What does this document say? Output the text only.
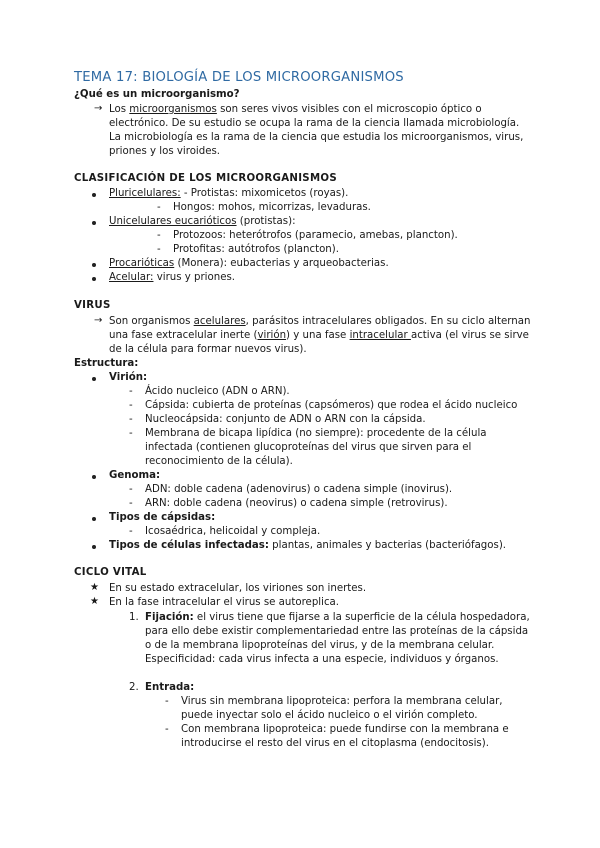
TEMA 17: BIOLOGÍA DE LOS MICROORGANISMOS
¿Qué es un microorganismo?
→ Los microorganismos son seres vivos visibles con el microscopio óptico o
electrónico. De su estudio se ocupa la rama de la ciencia llamada microbiología.
La microbiología es la rama de la ciencia que estudia los microorganismos, virus,
priones y los viroides.
CLASIFICACIÓN DE LOS MICROORGANISMOS
Pluricelulares: - Protistas: mixomicetos (royas).
- Hongos: mohos, micorrizas, levaduras.
Unicelulares eucarióticos (protistas):
- Protozoos: heterótrofos (paramecio, amebas, plancton).
- Protofitas: autótrofos (plancton).
Procarióticas (Monera): eubacterias y arqueobacterias.
Acelular: virus y priones.
VIRUS
→ Son organismos acelulares, parásitos intracelulares obligados. En su ciclo alternan
una fase extracelular inerte (virión) y una fase intracelular activa (el virus se sirve
de la célula para formar nuevos virus).
Estructura:
Virión:
- Ácido nucleico (ADN o ARN).
- Cápsida: cubierta de proteínas (capsómeros) que rodea el ácido nucleico
- Nucleocápsida: conjunto de ADN o ARN con la cápsida.
- Membrana de bicapa lipídica (no siempre): procedente de la célula
infectada (contienen glucoproteínas del virus que sirven para el
reconocimiento de la célula).
Genoma:
- ADN: doble cadena (adenovirus) o cadena simple (inovirus).
- ARN: doble cadena (neovirus) o cadena simple (retrovirus).
Tipos de cápsidas:
- Icosaédrica, helicoidal y compleja.
Tipos de células infectadas: plantas, animales y bacterias (bacteriófagos).
CICLO VITAL
★ En su estado extracelular, los viriones son inertes.
★ En la fase intracelular el virus se autoreplica.
1. Fijación: el virus tiene que fijarse a la superficie de la célula hospedadora,
para ello debe existir complementariedad entre las proteínas de la cápsida
o de la membrana lipoproteínas del virus, y de la membrana celular.
Especificidad: cada virus infecta a una especie, individuos y órganos.
2. Entrada:
- Virus sin membrana lipoproteica: perfora la membrana celular,
puede inyectar solo el ácido nucleico o el virión completo.
- Con membrana lipoproteica: puede fundirse con la membrana e
introducirse el resto del virus en el citoplasma (endocitosis).
